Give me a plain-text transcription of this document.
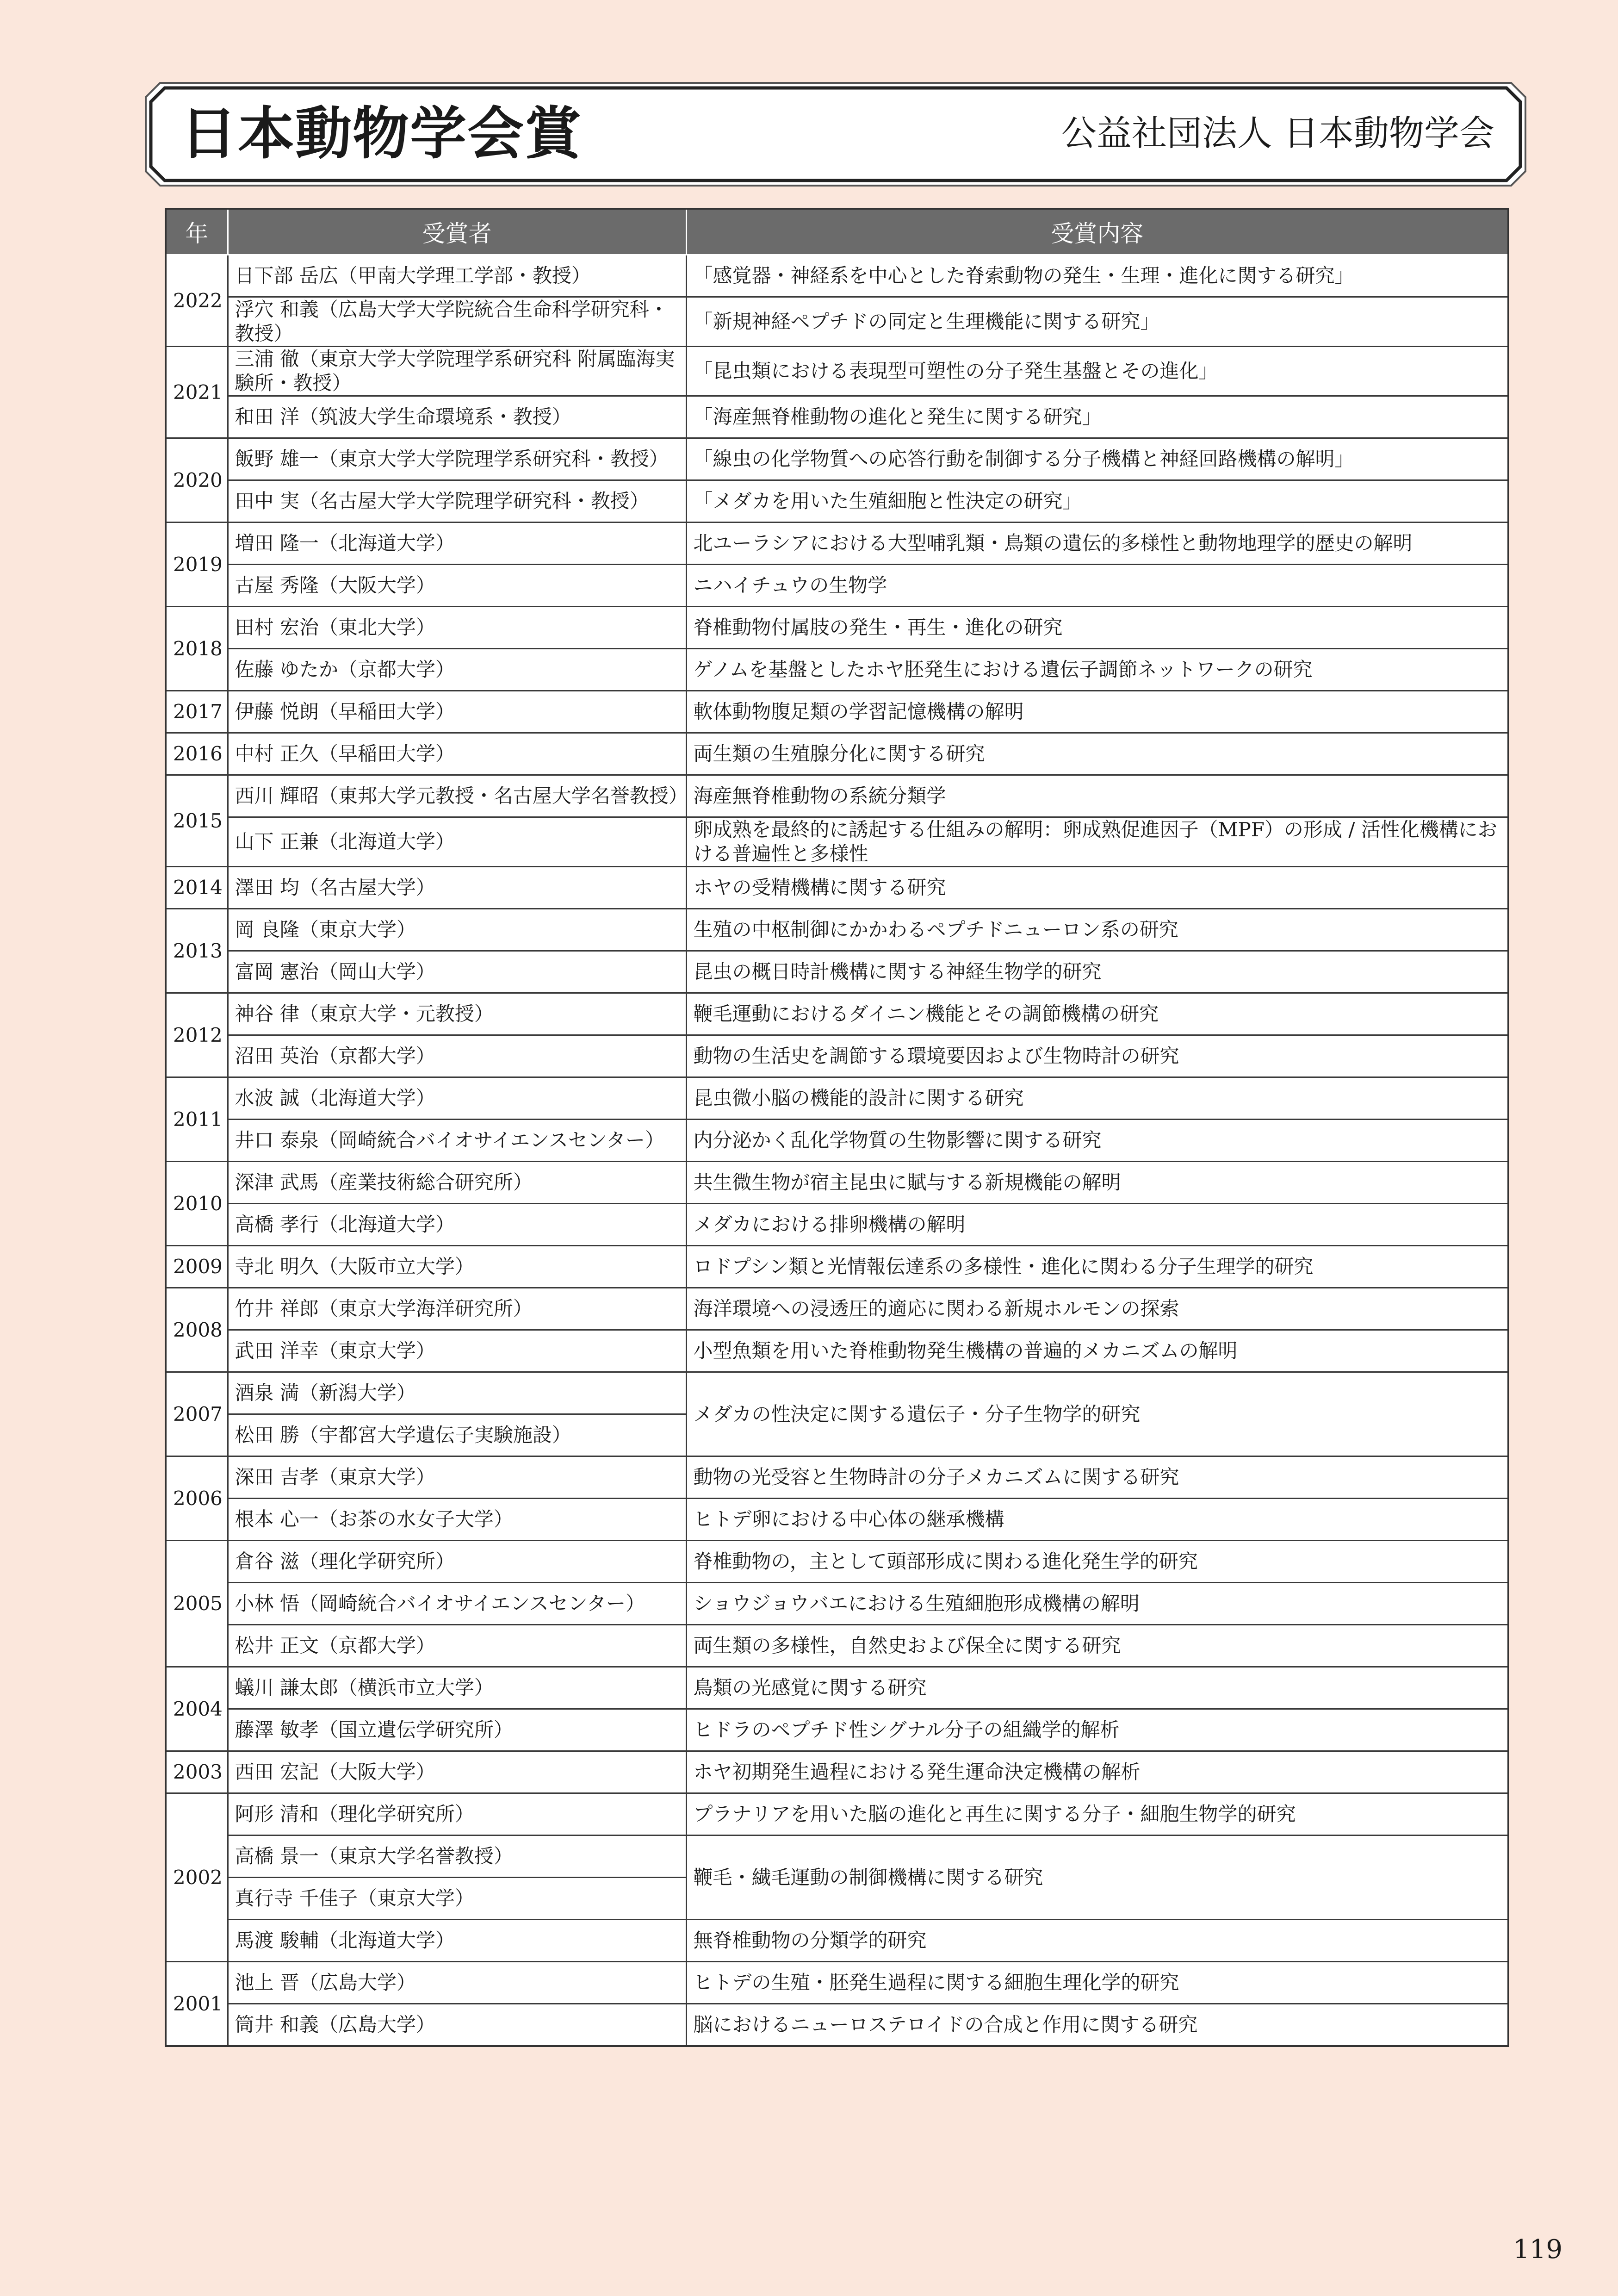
日本動物学会賞	公益社団法人 日本動物学会
年	受賞者	受賞内容
2022	日下部 岳広（甲南大学理工学部・教授）	「感覚器・神経系を中心とした脊索動物の発生・生理・進化に関する研究」
	浮穴 和義（広島大学大学院統合生命科学研究科・教授）	「新規神経ペプチドの同定と生理機能に関する研究」
2021	三浦 徹（東京大学大学院理学系研究科 附属臨海実験所・教授）	「昆虫類における表現型可塑性の分子発生基盤とその進化」
	和田 洋（筑波大学生命環境系・教授）	「海産無脊椎動物の進化と発生に関する研究」
2020	飯野 雄一（東京大学大学院理学系研究科・教授）	「線虫の化学物質への応答行動を制御する分子機構と神経回路機構の解明」
	田中 実（名古屋大学大学院理学研究科・教授）	「メダカを用いた生殖細胞と性決定の研究」
2019	増田 隆一（北海道大学）	北ユーラシアにおける大型哺乳類・鳥類の遺伝的多様性と動物地理学的歴史の解明
	古屋 秀隆（大阪大学）	ニハイチュウの生物学
2018	田村 宏治（東北大学）	脊椎動物付属肢の発生・再生・進化の研究
	佐藤 ゆたか（京都大学）	ゲノムを基盤としたホヤ胚発生における遺伝子調節ネットワークの研究
2017	伊藤 悦朗（早稲田大学）	軟体動物腹足類の学習記憶機構の解明
2016	中村 正久（早稲田大学）	両生類の生殖腺分化に関する研究
2015	西川 輝昭（東邦大学元教授・名古屋大学名誉教授）	海産無脊椎動物の系統分類学
	山下 正兼（北海道大学）	卵成熟を最終的に誘起する仕組みの解明：卵成熟促進因子（MPF）の形成 / 活性化機構における普遍性と多様性
2014	澤田 均（名古屋大学）	ホヤの受精機構に関する研究
2013	岡 良隆（東京大学）	生殖の中枢制御にかかわるペプチドニューロン系の研究
	富岡 憲治（岡山大学）	昆虫の概日時計機構に関する神経生物学的研究
2012	神谷 律（東京大学・元教授）	鞭毛運動におけるダイニン機能とその調節機構の研究
	沼田 英治（京都大学）	動物の生活史を調節する環境要因および生物時計の研究
2011	水波 誠（北海道大学）	昆虫微小脳の機能的設計に関する研究
	井口 泰泉（岡崎統合バイオサイエンスセンター）	内分泌かく乱化学物質の生物影響に関する研究
2010	深津 武馬（産業技術総合研究所）	共生微生物が宿主昆虫に賦与する新規機能の解明
	高橋 孝行（北海道大学）	メダカにおける排卵機構の解明
2009	寺北 明久（大阪市立大学）	ロドプシン類と光情報伝達系の多様性・進化に関わる分子生理学的研究
2008	竹井 祥郎（東京大学海洋研究所）	海洋環境への浸透圧的適応に関わる新規ホルモンの探索
	武田 洋幸（東京大学）	小型魚類を用いた脊椎動物発生機構の普遍的メカニズムの解明
2007	酒泉 満（新潟大学）	メダカの性決定に関する遺伝子・分子生物学的研究
	松田 勝（宇都宮大学遺伝子実験施設）	
2006	深田 吉孝（東京大学）	動物の光受容と生物時計の分子メカニズムに関する研究
	根本 心一（お茶の水女子大学）	ヒトデ卵における中心体の継承機構
2005	倉谷 滋（理化学研究所）	脊椎動物の，主として頭部形成に関わる進化発生学的研究
	小林 悟（岡崎統合バイオサイエンスセンター）	ショウジョウバエにおける生殖細胞形成機構の解明
	松井 正文（京都大学）	両生類の多様性，自然史および保全に関する研究
2004	蟻川 謙太郎（横浜市立大学）	鳥類の光感覚に関する研究
	藤澤 敏孝（国立遺伝学研究所）	ヒドラのペプチド性シグナル分子の組織学的解析
2003	西田 宏記（大阪大学）	ホヤ初期発生過程における発生運命決定機構の解析
2002	阿形 清和（理化学研究所）	プラナリアを用いた脳の進化と再生に関する分子・細胞生物学的研究
	高橋 景一（東京大学名誉教授）	鞭毛・繊毛運動の制御機構に関する研究
	真行寺 千佳子（東京大学）	
	馬渡 駿輔（北海道大学）	無脊椎動物の分類学的研究
2001	池上 晋（広島大学）	ヒトデの生殖・胚発生過程に関する細胞生理化学的研究
	筒井 和義（広島大学）	脳におけるニューロステロイドの合成と作用に関する研究
119
